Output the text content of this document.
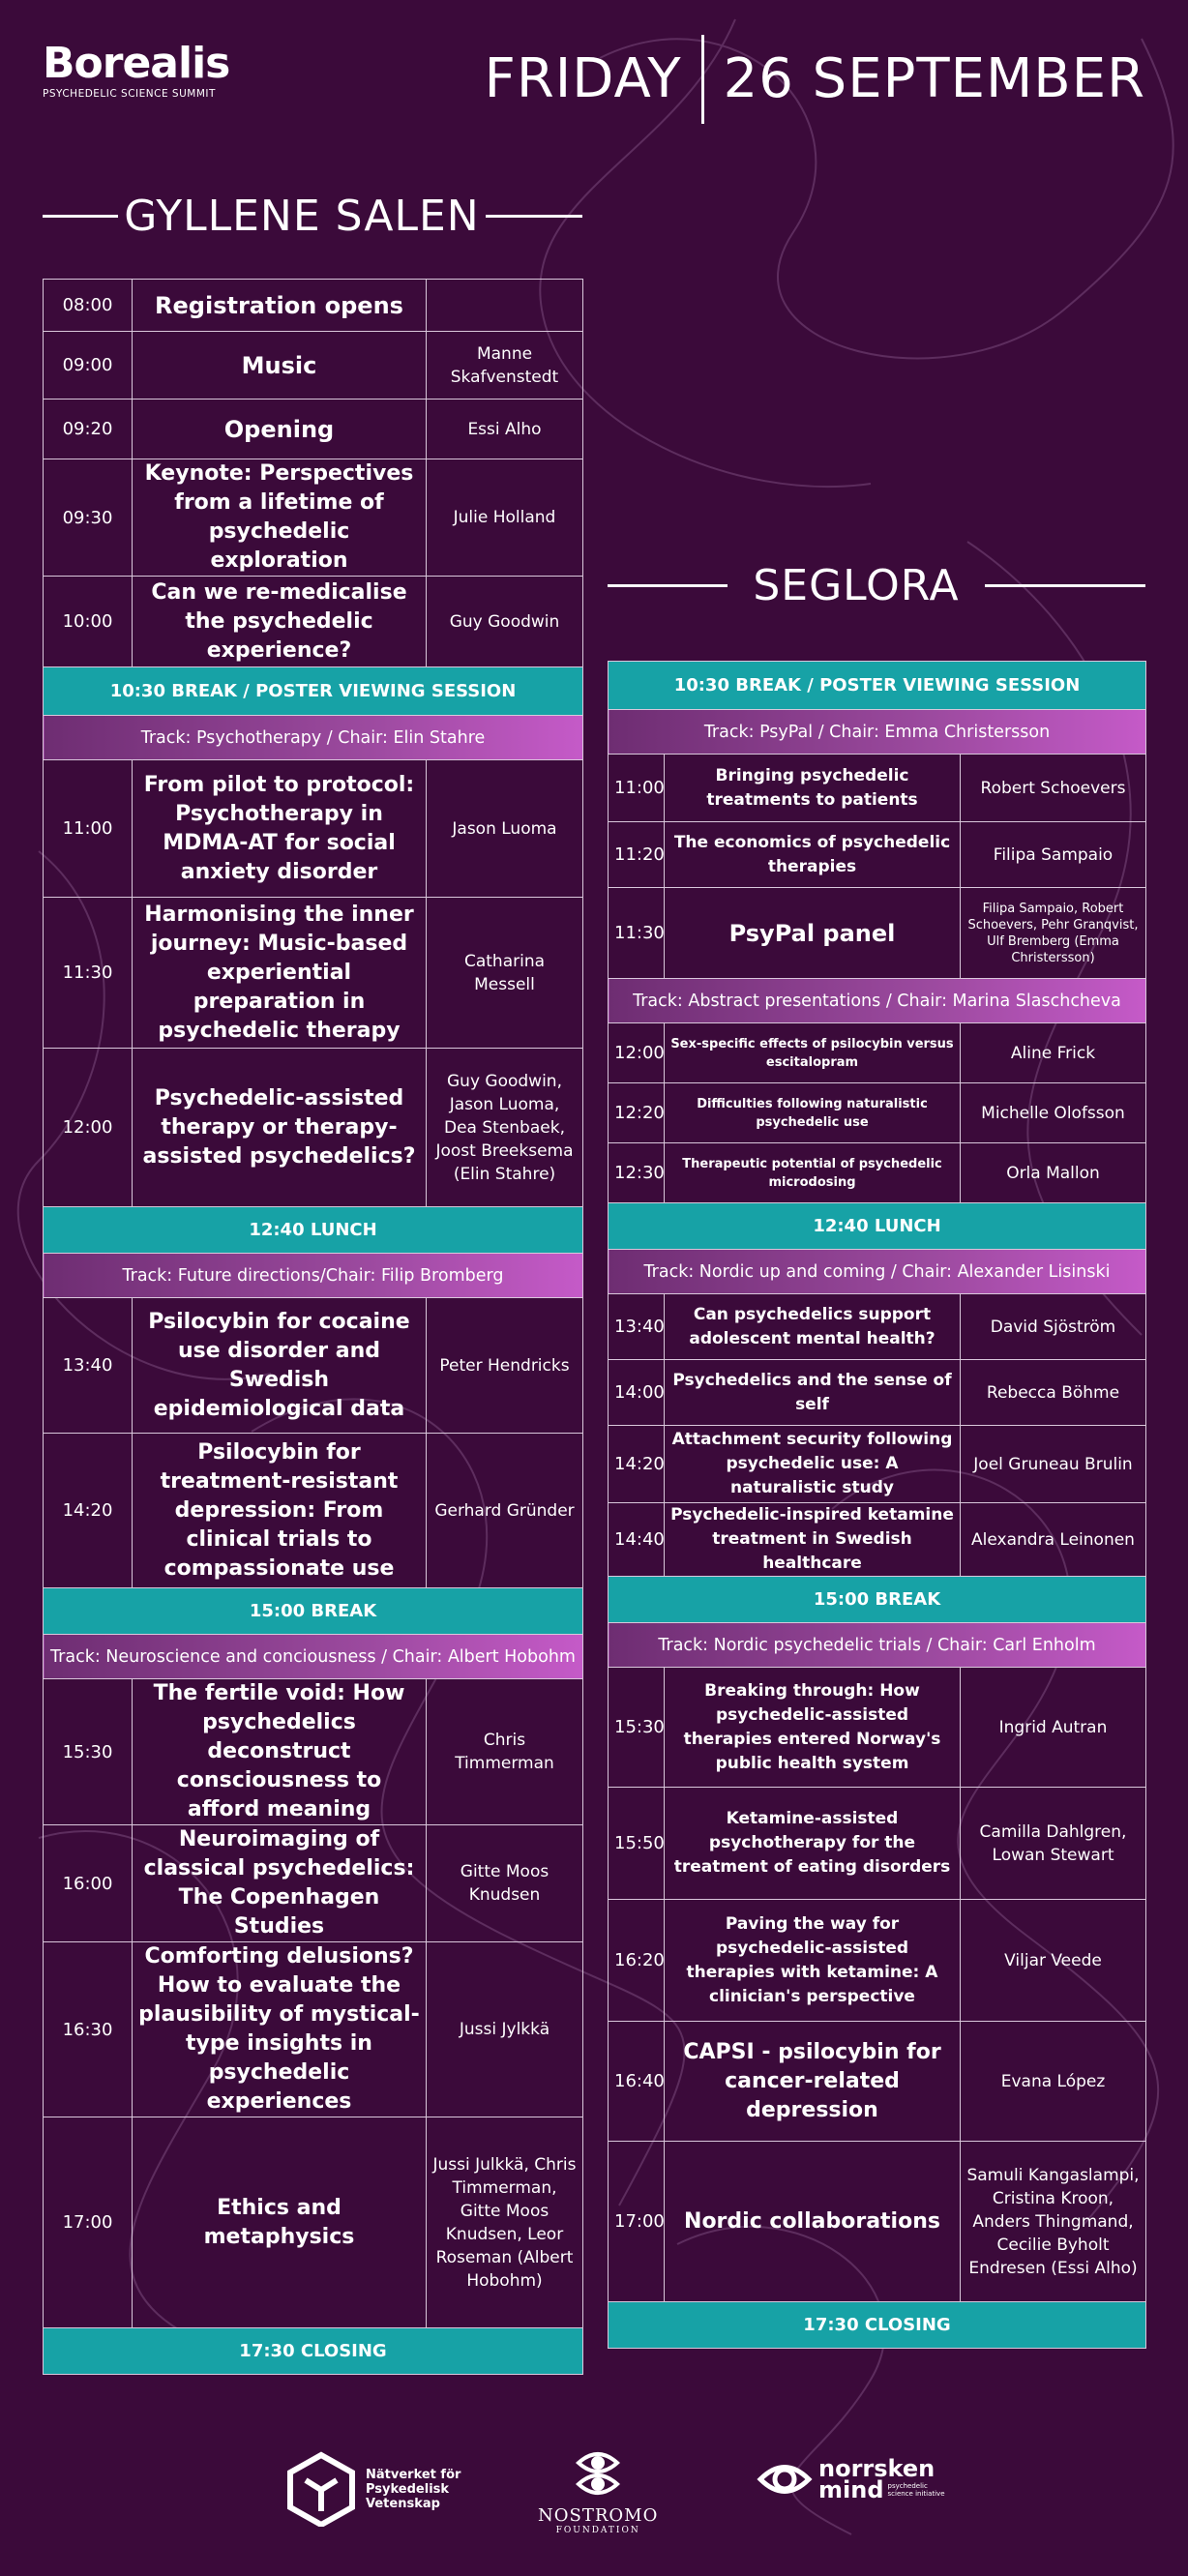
Borealis
PSYCHEDELIC SCIENCE SUMMIT	FRIDAY 26 SEPTEMBER
GYLLENE SALEN
SEGLORA
08:00	Registration opens	
09:00	Music	Manne Skafvenstedt
09:20	Opening	Essi Alho
09:30	Keynote: Perspectives from a lifetime of psychedelic exploration	Julie Holland
10:00	Can we re-medicalise the psychedelic experience?	Guy Goodwin
10:30 BREAK / POSTER VIEWING SESSION		
Track: Psychotherapy / Chair: Elin Stahre		
11:00	From pilot to protocol: Psychotherapy in MDMA-AT for social anxiety disorder	Jason Luoma
11:30	Harmonising the inner journey: Music-based experiential preparation in psychedelic therapy	Catharina Messell
12:00	Psychedelic-assisted therapy or therapy-assisted psychedelics?	Guy Goodwin, Jason Luoma, Dea Stenbaek, Joost Breeksema (Elin Stahre)
12:40 LUNCH		
Track: Future directions/Chair: Filip Bromberg		
13:40	Psilocybin for cocaine use disorder and Swedish epidemiological data	Peter Hendricks
14:20	Psilocybin for treatment-resistant depression: From clinical trials to compassionate use	Gerhard Gründer
15:00 BREAK		
Track: Neuroscience and conciousness / Chair: Albert Hobohm		
15:30	The fertile void: How psychedelics deconstruct consciousness to afford meaning	Chris Timmerman
16:00	Neuroimaging of classical psychedelics: The Copenhagen Studies	Gitte Moos Knudsen
16:30	Comforting delusions? How to evaluate the plausibility of mystical-type insights in psychedelic experiences	Jussi Jylkkä
17:00	Ethics and metaphysics	Jussi Julkkä, Chris Timmerman, Gitte Moos Knudsen, Leor Roseman (Albert Hobohm)
17:30 CLOSING		
10:30 BREAK / POSTER VIEWING SESSION		
Track: PsyPal / Chair: Emma Christersson		
11:00	Bringing psychedelic treatments to patients	Robert Schoevers
11:20	The economics of psychedelic therapies	Filipa Sampaio
11:30	PsyPal panel	Filipa Sampaio, Robert Schoevers, Pehr Granqvist, Ulf Bremberg (Emma Christersson)
Track: Abstract presentations / Chair: Marina Slaschcheva		
12:00	Sex-specific effects of psilocybin versus escitalopram	Aline Frick
12:20	Difficulties following naturalistic psychedelic use	Michelle Olofsson
12:30	Therapeutic potential of psychedelic microdosing	Orla Mallon
12:40 LUNCH		
Track: Nordic up and coming / Chair: Alexander Lisinski		
13:40	Can psychedelics support adolescent mental health?	David Sjöström
14:00	Psychedelics and the sense of self	Rebecca Böhme
14:20	Attachment security following psychedelic use: A naturalistic study	Joel Gruneau Brulin
14:40	Psychedelic-inspired ketamine treatment in Swedish healthcare	Alexandra Leinonen
15:00 BREAK		
Track: Nordic psychedelic trials / Chair: Carl Enholm		
15:30	Breaking through: How psychedelic-assisted therapies entered Norway's public health system	Ingrid Autran
15:50	Ketamine-assisted psychotherapy for the treatment of eating disorders	Camilla Dahlgren, Lowan Stewart
16:20	Paving the way for psychedelic-assisted therapies with ketamine: A clinician's perspective	Viljar Veede
16:40	CAPSI - psilocybin for cancer-related depression	Evana López
17:00	Nordic collaborations	Samuli Kangaslampi, Cristina Kroon, Anders Thingmand, Cecilie Byholt Endresen (Essi Alho)
17:30 CLOSING		
Nätverket för
Psykedelisk
Vetenskap
NOSTROMO
FOUNDATION
norrsken
mind psychedelic
science initiative
